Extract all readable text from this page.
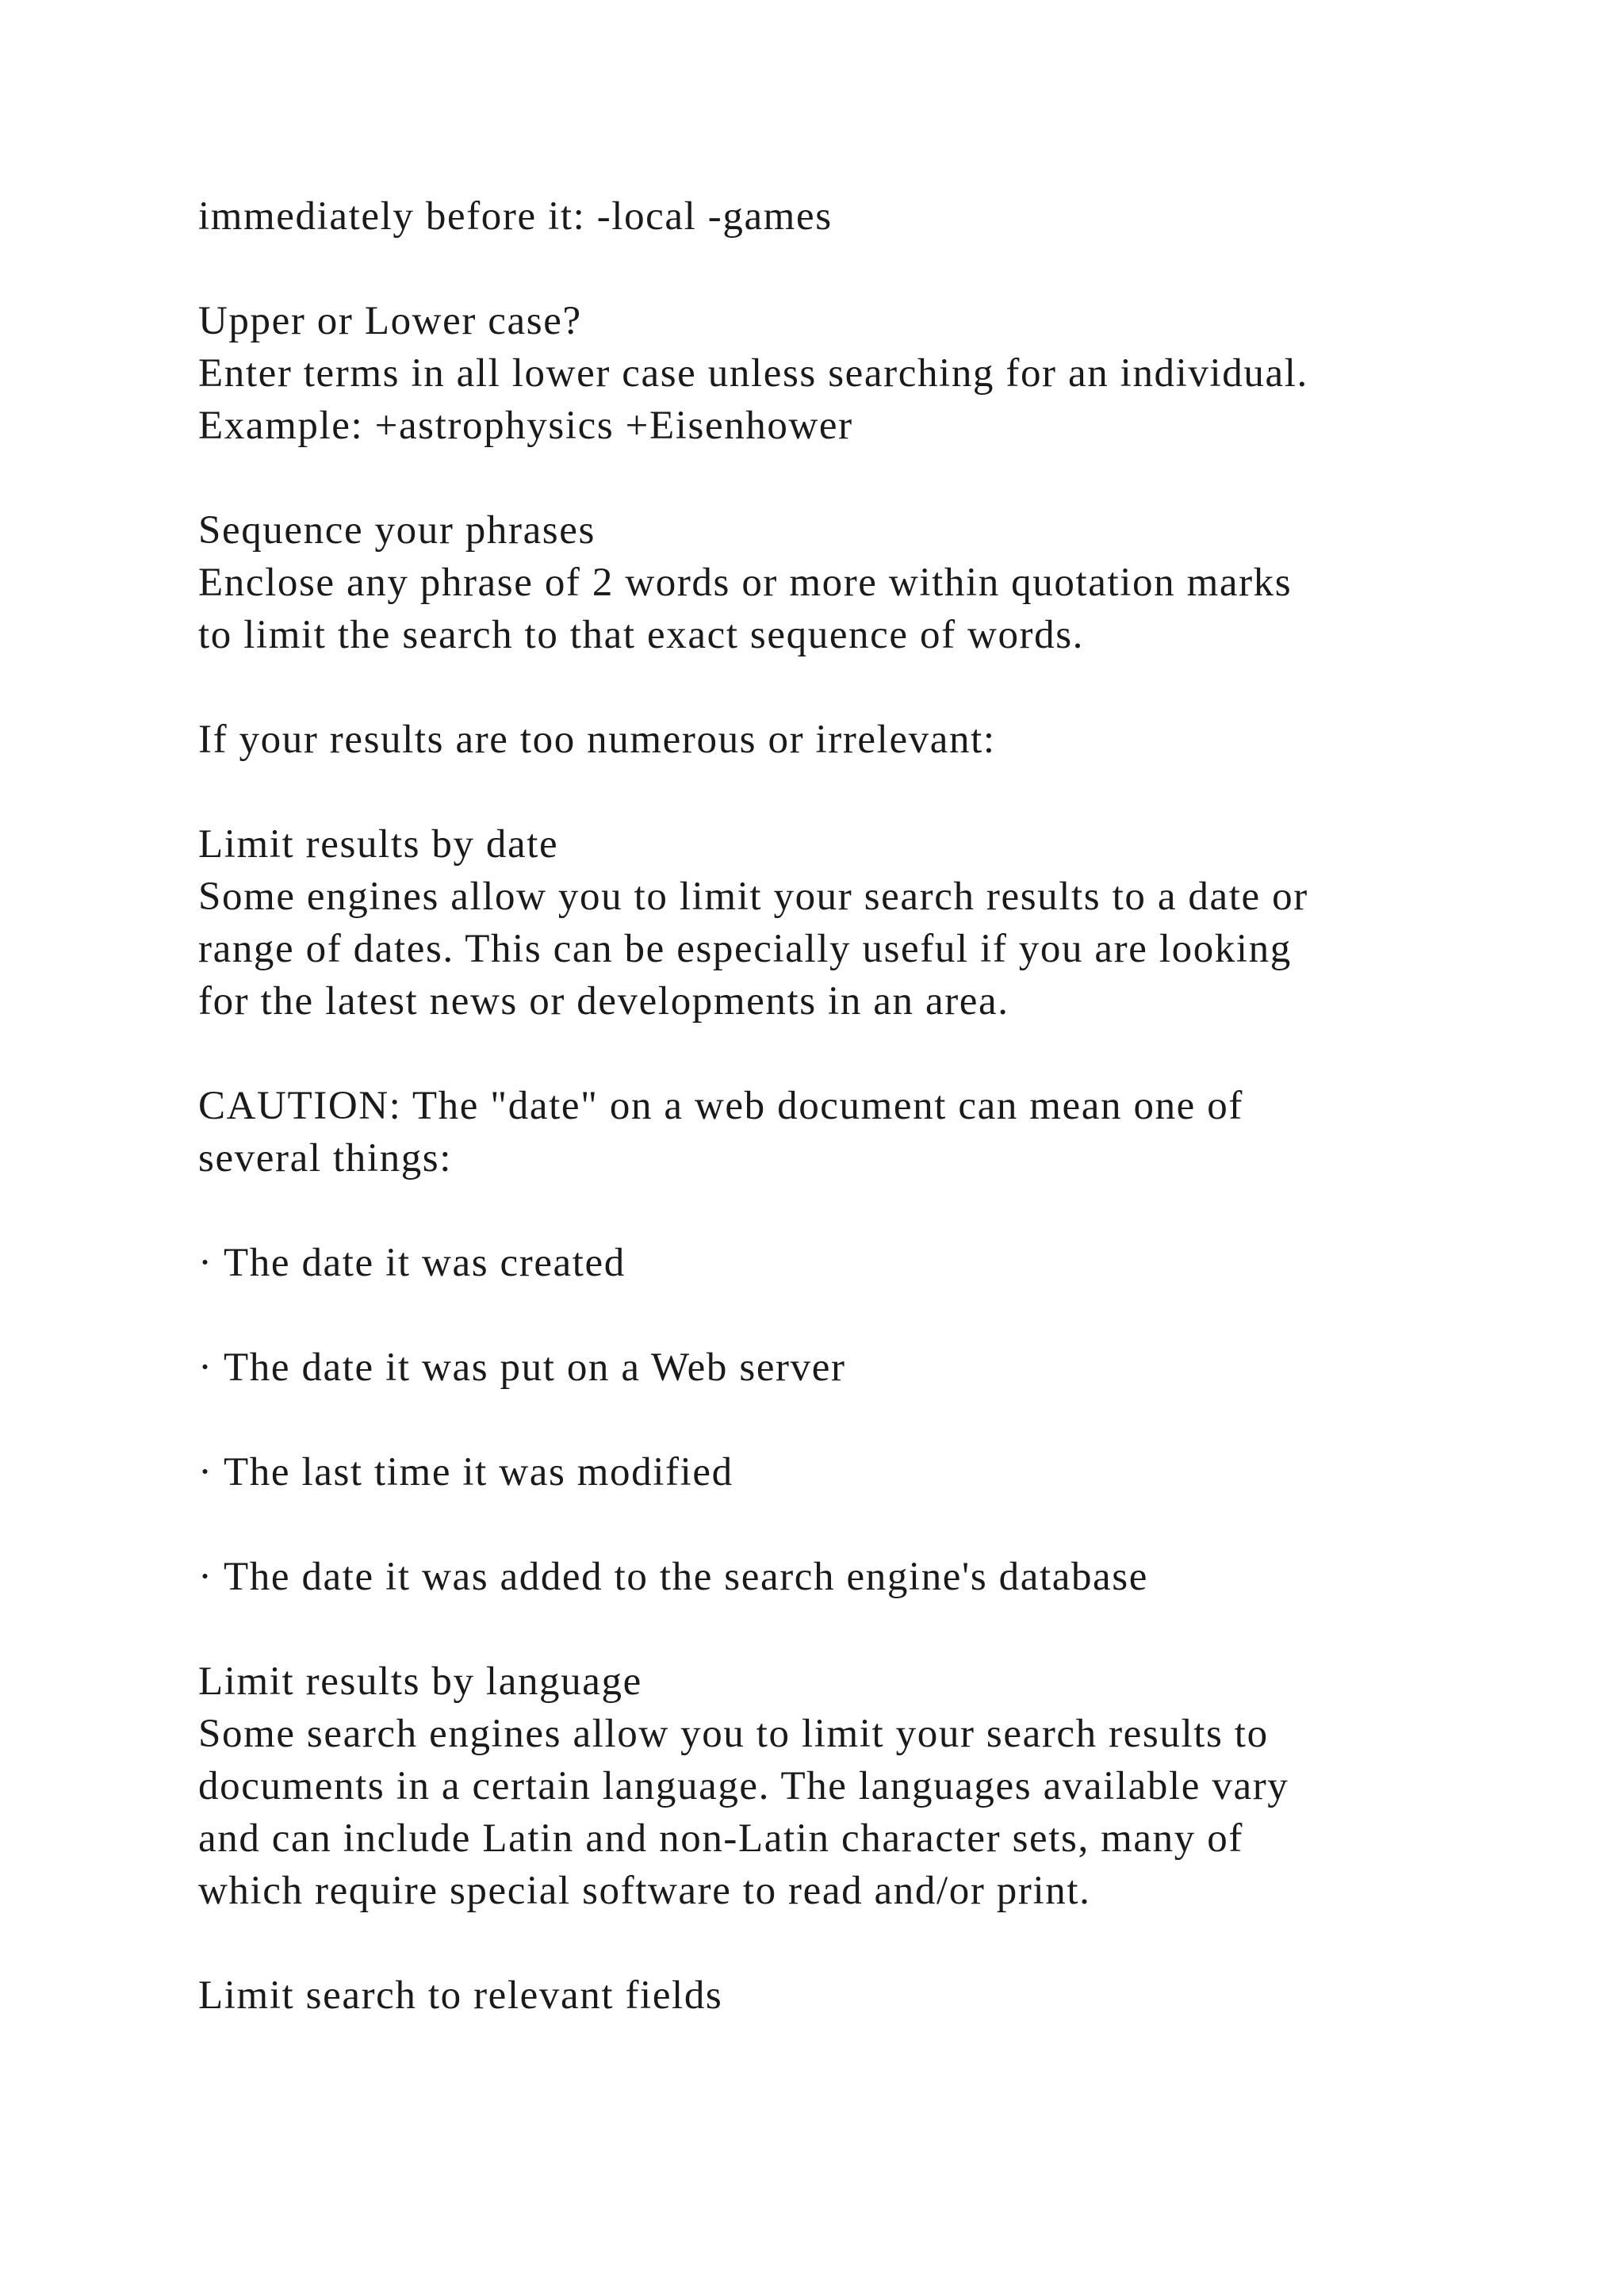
immediately before it: -local -games
Upper or Lower case?
Enter terms in all lower case unless searching for an individual.
Example: +astrophysics +Eisenhower
Sequence your phrases
Enclose any phrase of 2 words or more within quotation marks
to limit the search to that exact sequence of words.
If your results are too numerous or irrelevant:
Limit results by date
Some engines allow you to limit your search results to a date or
range of dates. This can be especially useful if you are looking
for the latest news or developments in an area.
CAUTION: The "date" on a web document can mean one of
several things:
· The date it was created
· The date it was put on a Web server
· The last time it was modified
· The date it was added to the search engine's database
Limit results by language
Some search engines allow you to limit your search results to
documents in a certain language. The languages available vary
and can include Latin and non-Latin character sets, many of
which require special software to read and/or print.
Limit search to relevant fields
